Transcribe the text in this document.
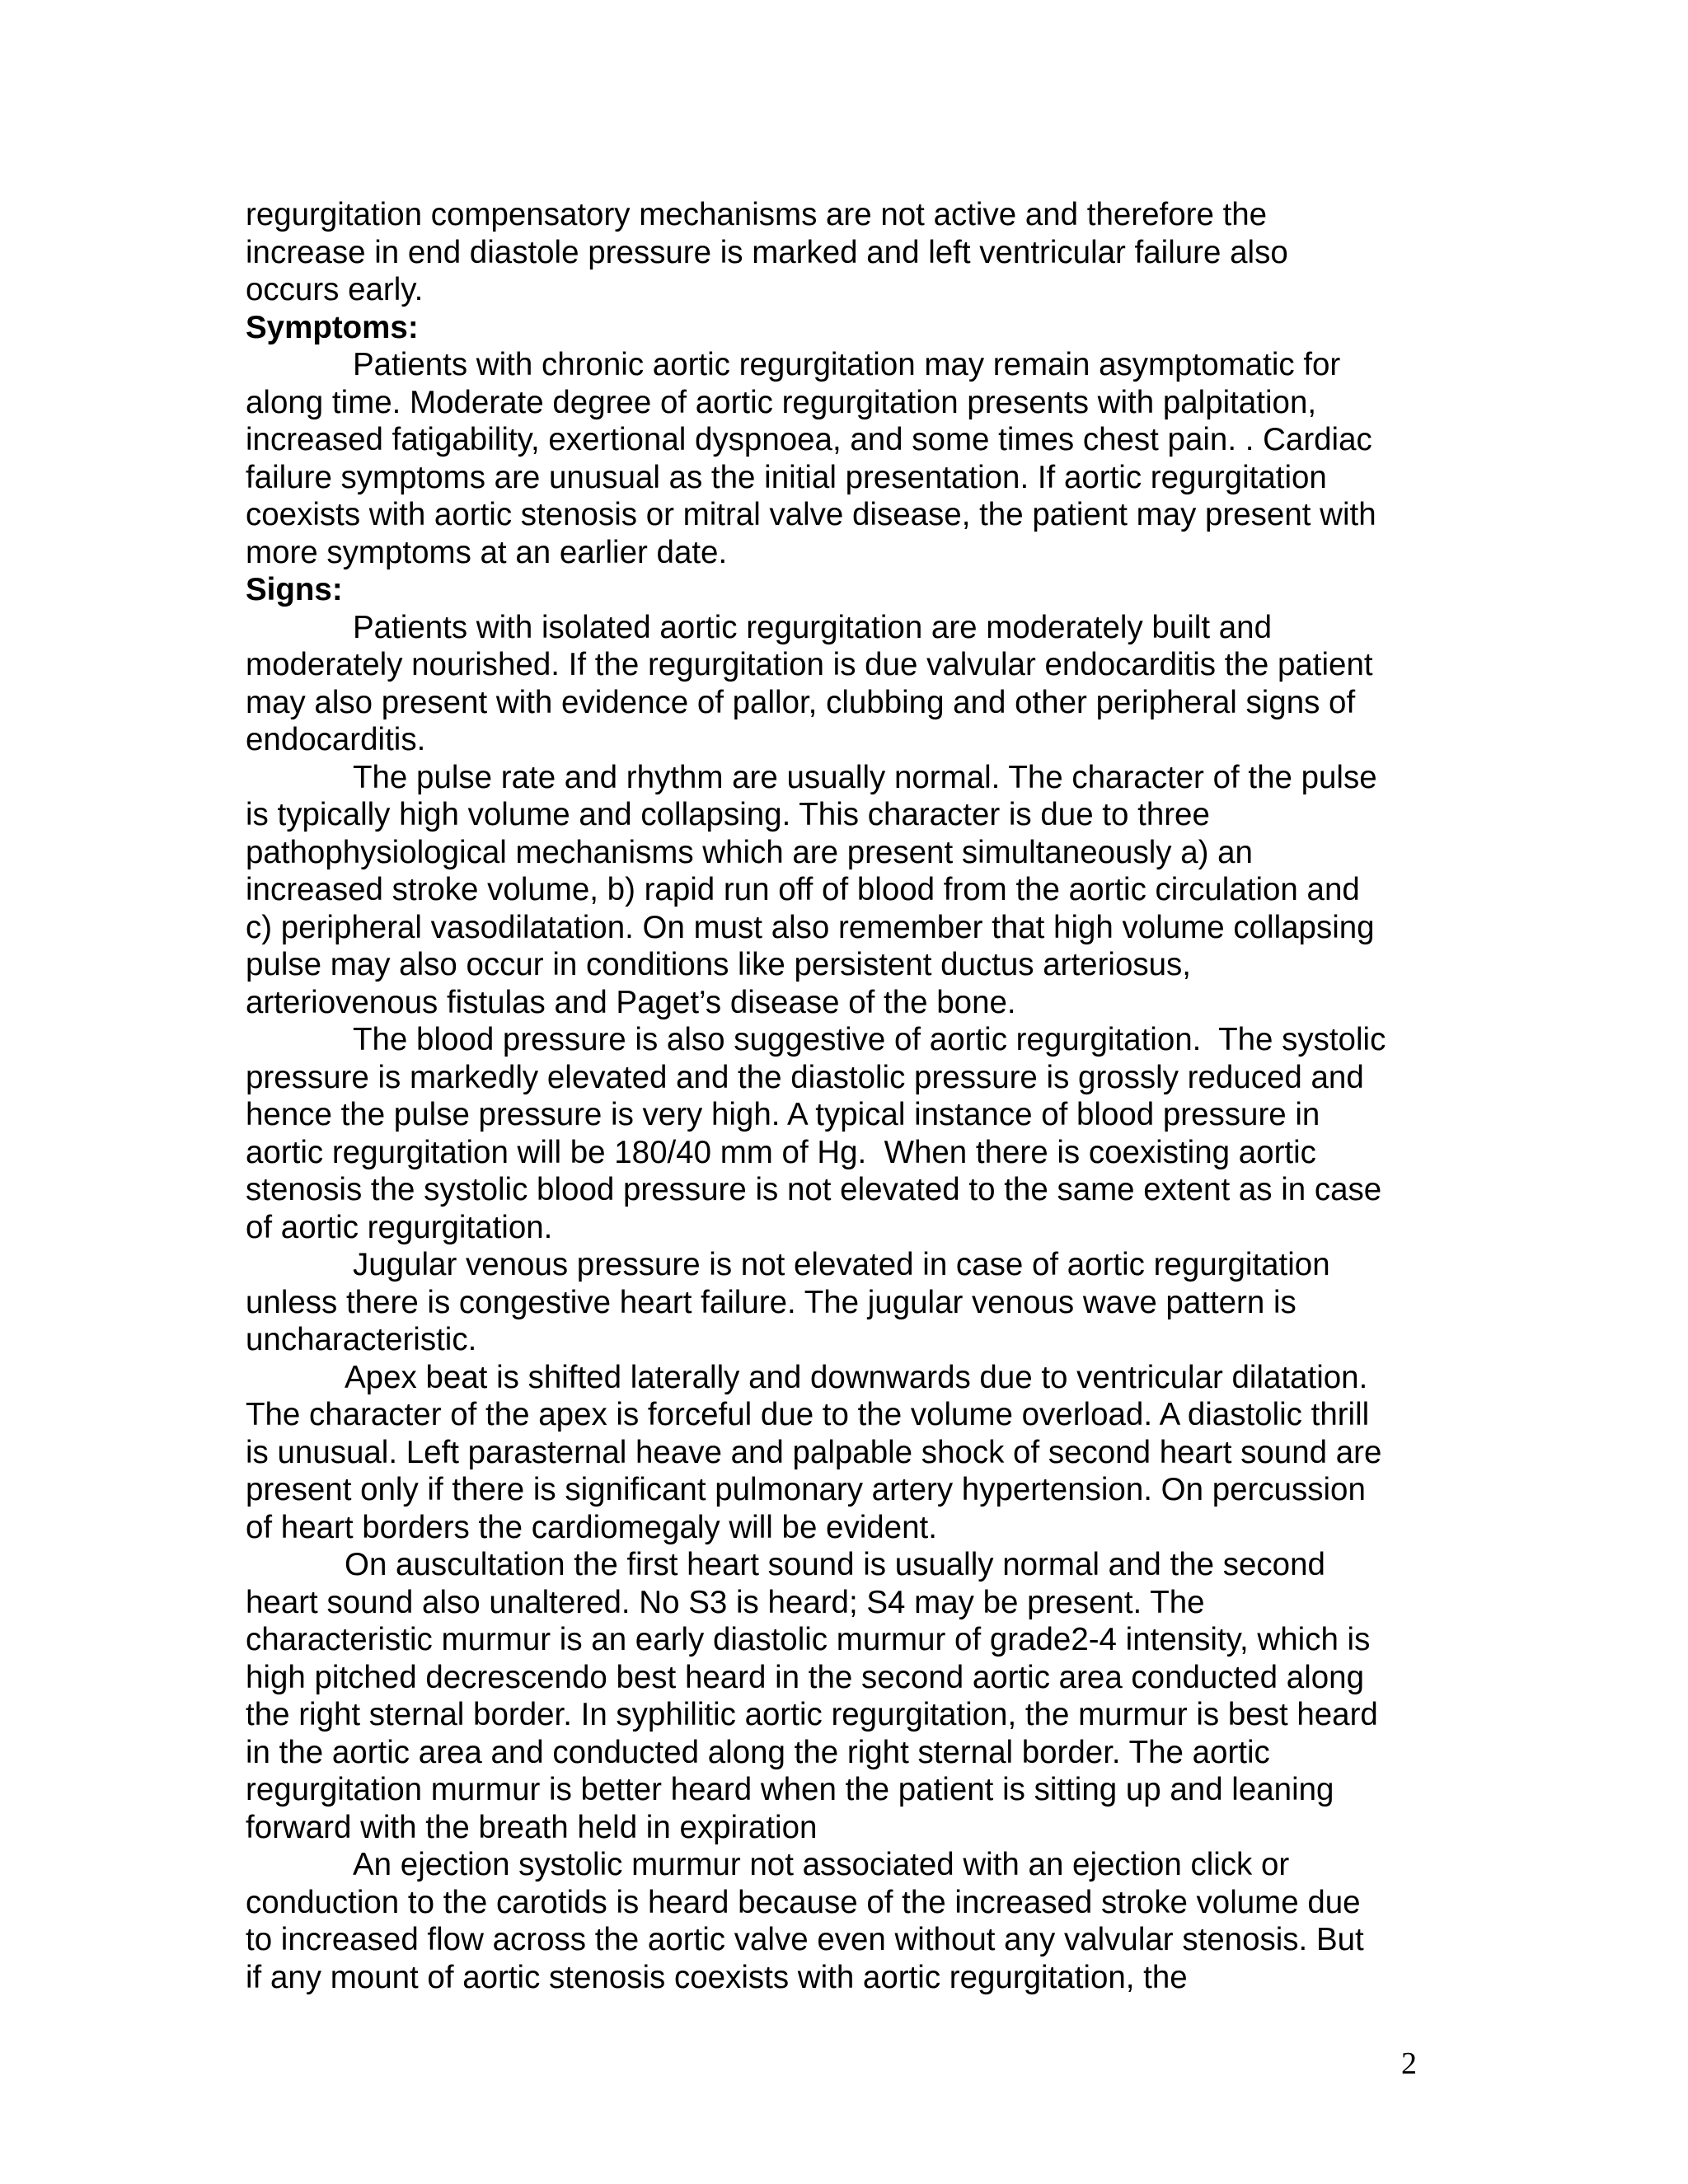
regurgitation compensatory mechanisms are not active and therefore the
increase in end diastole pressure is marked and left ventricular failure also
occurs early.
Symptoms:
Patients with chronic aortic regurgitation may remain asymptomatic for
along time. Moderate degree of aortic regurgitation presents with palpitation,
increased fatigability, exertional dyspnoea, and some times chest pain. . Cardiac
failure symptoms are unusual as the initial presentation. If aortic regurgitation
coexists with aortic stenosis or mitral valve disease, the patient may present with
more symptoms at an earlier date.
Signs:
Patients with isolated aortic regurgitation are moderately built and
moderately nourished. If the regurgitation is due valvular endocarditis the patient
may also present with evidence of pallor, clubbing and other peripheral signs of
endocarditis.
The pulse rate and rhythm are usually normal. The character of the pulse
is typically high volume and collapsing. This character is due to three
pathophysiological mechanisms which are present simultaneously a) an
increased stroke volume, b) rapid run off of blood from the aortic circulation and
c) peripheral vasodilatation. On must also remember that high volume collapsing
pulse may also occur in conditions like persistent ductus arteriosus,
arteriovenous fistulas and Paget’s disease of the bone.
The blood pressure is also suggestive of aortic regurgitation.  The systolic
pressure is markedly elevated and the diastolic pressure is grossly reduced and
hence the pulse pressure is very high. A typical instance of blood pressure in
aortic regurgitation will be 180/40 mm of Hg.  When there is coexisting aortic
stenosis the systolic blood pressure is not elevated to the same extent as in case
of aortic regurgitation.
Jugular venous pressure is not elevated in case of aortic regurgitation
unless there is congestive heart failure. The jugular venous wave pattern is
uncharacteristic.
Apex beat is shifted laterally and downwards due to ventricular dilatation.
The character of the apex is forceful due to the volume overload. A diastolic thrill
is unusual. Left parasternal heave and palpable shock of second heart sound are
present only if there is significant pulmonary artery hypertension. On percussion
of heart borders the cardiomegaly will be evident.
On auscultation the first heart sound is usually normal and the second
heart sound also unaltered. No S3 is heard; S4 may be present. The
characteristic murmur is an early diastolic murmur of grade2-4 intensity, which is
high pitched decrescendo best heard in the second aortic area conducted along
the right sternal border. In syphilitic aortic regurgitation, the murmur is best heard
in the aortic area and conducted along the right sternal border. The aortic
regurgitation murmur is better heard when the patient is sitting up and leaning
forward with the breath held in expiration
An ejection systolic murmur not associated with an ejection click or
conduction to the carotids is heard because of the increased stroke volume due
to increased flow across the aortic valve even without any valvular stenosis. But
if any mount of aortic stenosis coexists with aortic regurgitation, the
2
